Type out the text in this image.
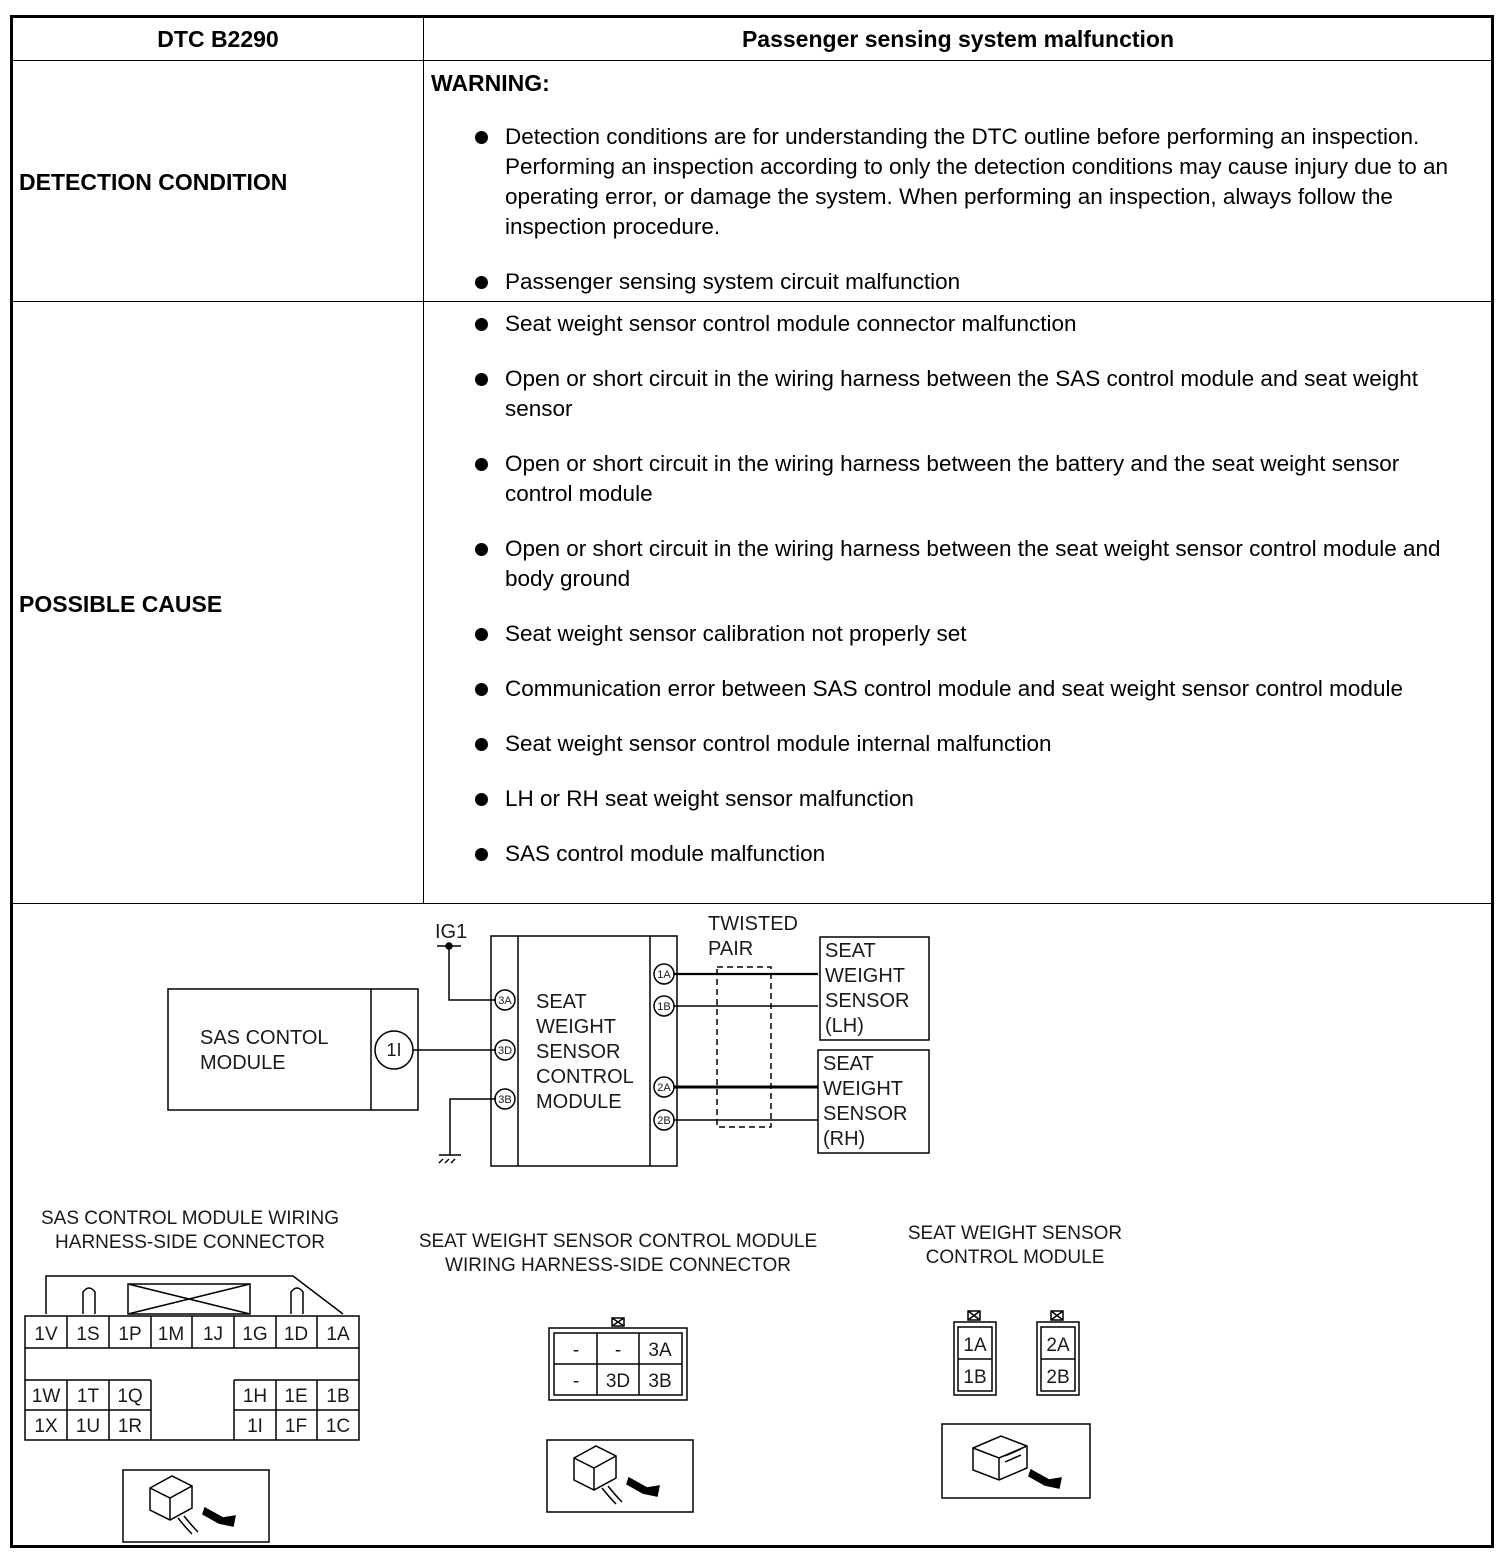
DTC B2290	Passenger sensing system malfunction
DETECTION CONDITION
WARNING:
Detection conditions are for understanding the DTC outline before performing an inspection. Performing an inspection according to only the detection conditions may cause injury due to an operating error, or damage the system. When performing an inspection, always follow the inspection procedure.
Passenger sensing system circuit malfunction
POSSIBLE CAUSE
Seat weight sensor control module connector malfunction
Open or short circuit in the wiring harness between the SAS control module and seat weight sensor
Open or short circuit in the wiring harness between the battery and the seat weight sensor control module
Open or short circuit in the wiring harness between the seat weight sensor control module and body ground
Seat weight sensor calibration not properly set
Communication error between SAS control module and seat weight sensor control module
Seat weight sensor control module internal malfunction
LH or RH seat weight sensor malfunction
SAS control module malfunction
IG1	TWISTED
PAIR
SAS CONTOL
MODULE
SEAT
WEIGHT
SENSOR
CONTROL
MODULE
SEAT
WEIGHT
SENSOR
(LH)
SEAT
WEIGHT
SENSOR
(RH)
1I
3A
3D
3B
1A
1B
2A
2B
SAS CONTROL MODULE WIRING
HARNESS-SIDE CONNECTOR	SEAT WEIGHT SENSOR CONTROL MODULE
WIRING HARNESS-SIDE CONNECTOR
SEAT WEIGHT SENSOR
CONTROL MODULE
1V 1S 1P 1M 1J 1G 1D 1A
1W 1T 1Q	1H 1E 1B
1X 1U 1R	1I 1F 1C
- - 3A
- 3D 3B
1A
1B
2A
2B
